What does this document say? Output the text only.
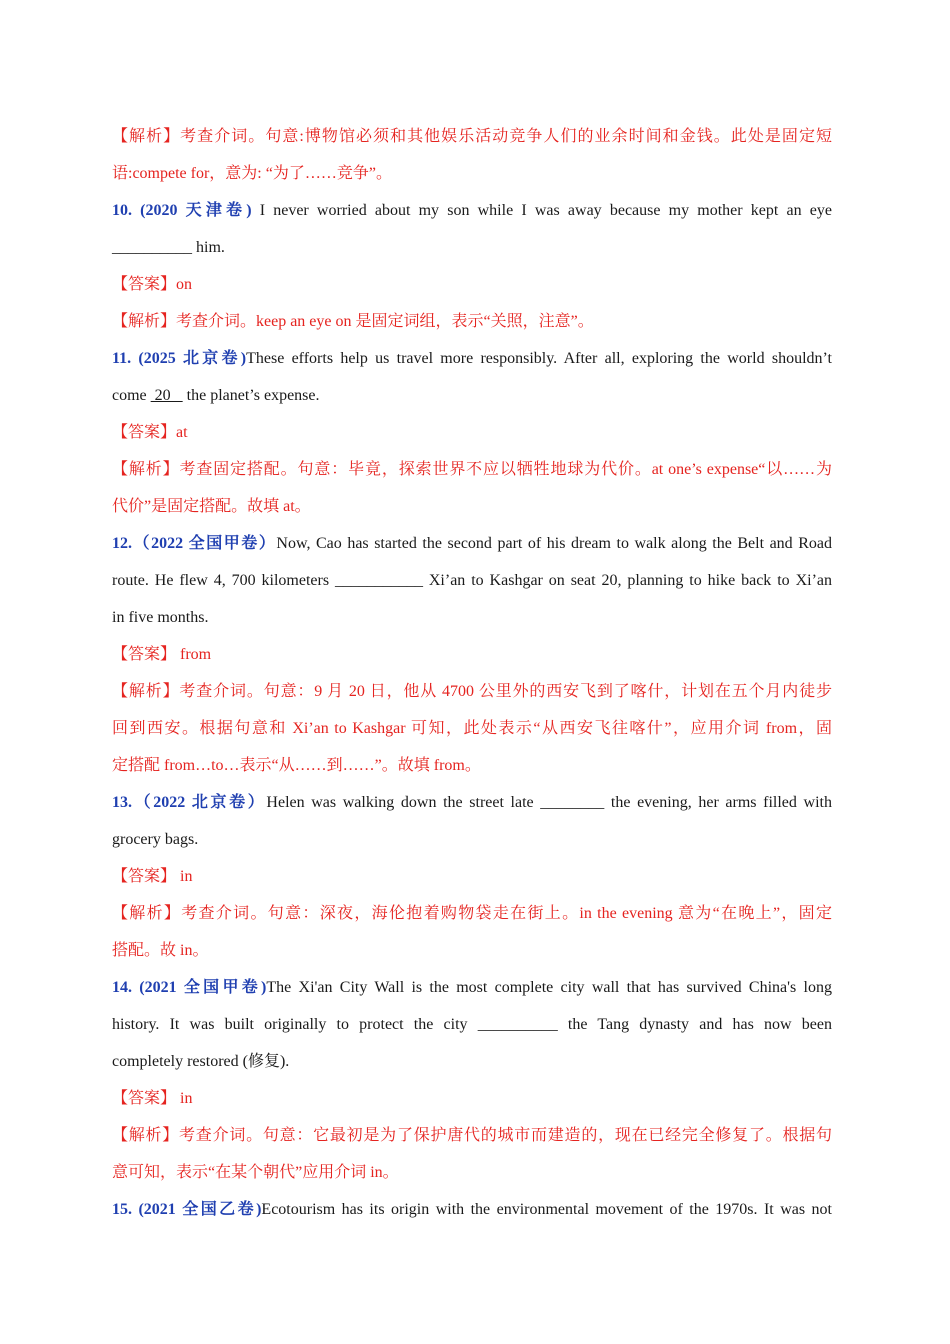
【解析】考查介词。句意:博物馆必须和其他娱乐活动竞争人们的业余时间和金钱。此处是固定短

语:compete for，意为: “为了……竞争”。

10. (2020 天津卷) I never worried about my son while I was away because my mother kept an eye

__________ him.

【答案】on

【解析】考查介词。keep an eye on 是固定词组，表示“关照，注意”。

11. (2025 北京卷)These efforts help us travel more responsibly. After all, exploring the world shouldn’t

come  20    the planet’s expense.

【答案】at

【解析】考查固定搭配。句意：毕竟，探索世界不应以牺牲地球为代价。at one’s expense“以……为

代价”是固定搭配。故填 at。

12.（2022 全国甲卷）Now, Cao has started the second part of his dream to walk along the Belt and Road

route. He flew 4, 700 kilometers ___________ Xi’an to Kashgar on seat 20, planning to hike back to Xi’an

in five months.

【答案】 from

【解析】考查介词。句意：9 月 20 日，他从 4700 公里外的西安飞到了喀什，计划在五个月内徒步

回到西安。根据句意和 Xi’an to Kashgar 可知，此处表示“从西安飞往喀什”，应用介词 from，固

定搭配 from…to…表示“从……到……”。故填 from。

13.（2022 北京卷）Helen was walking down the street late ________ the evening, her arms filled with

grocery bags.

【答案】 in

【解析】考查介词。句意：深夜，海伦抱着购物袋走在街上。in the evening 意为“在晚上”，固定

搭配。故 in。

14. (2021 全国甲卷)The Xi'an City Wall is the most complete city wall that has survived China's long

history. It was built originally to protect the city __________ the Tang dynasty and has now been

completely restored (修复).

【答案】 in

【解析】考查介词。句意：它最初是为了保护唐代的城市而建造的，现在已经完全修复了。根据句

意可知，表示“在某个朝代”应用介词 in。

15. (2021 全国乙卷)Ecotourism has its origin with the environmental movement of the 1970s. It was not
